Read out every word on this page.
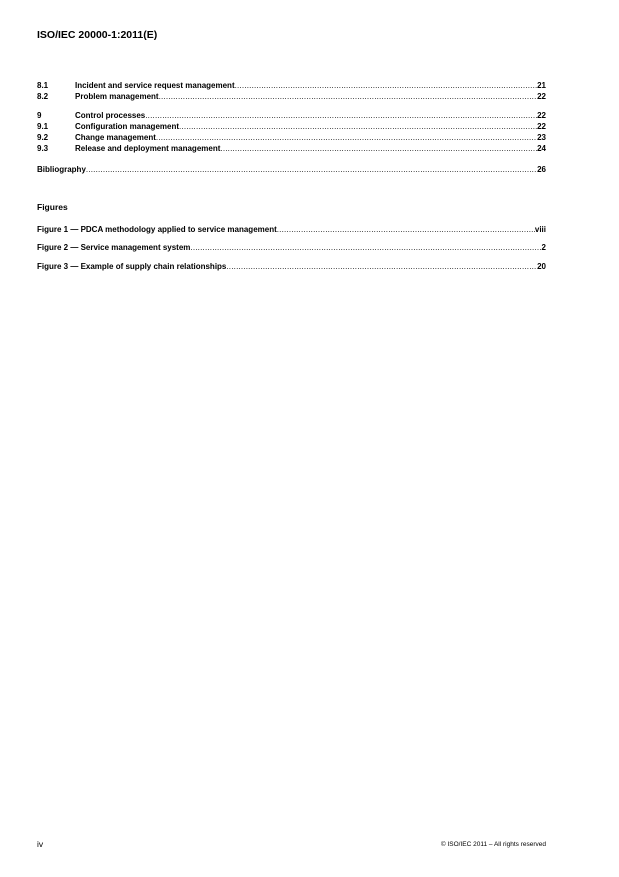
ISO/IEC 20000-1:2011(E)
8.1	Incident and service request management .....	21
8.2	Problem management .....	22
9	Control processes .....	22
9.1	Configuration management .....	22
9.2	Change management .....	23
9.3	Release and deployment management .....	24
Bibliography .....	26
Figure 1 — PDCA methodology applied to service management .....	viii
Figure 2 — Service management system .....	2
Figure 3 — Example of supply chain relationships .....	20
Figures
iv	© ISO/IEC 2011 – All rights reserved
